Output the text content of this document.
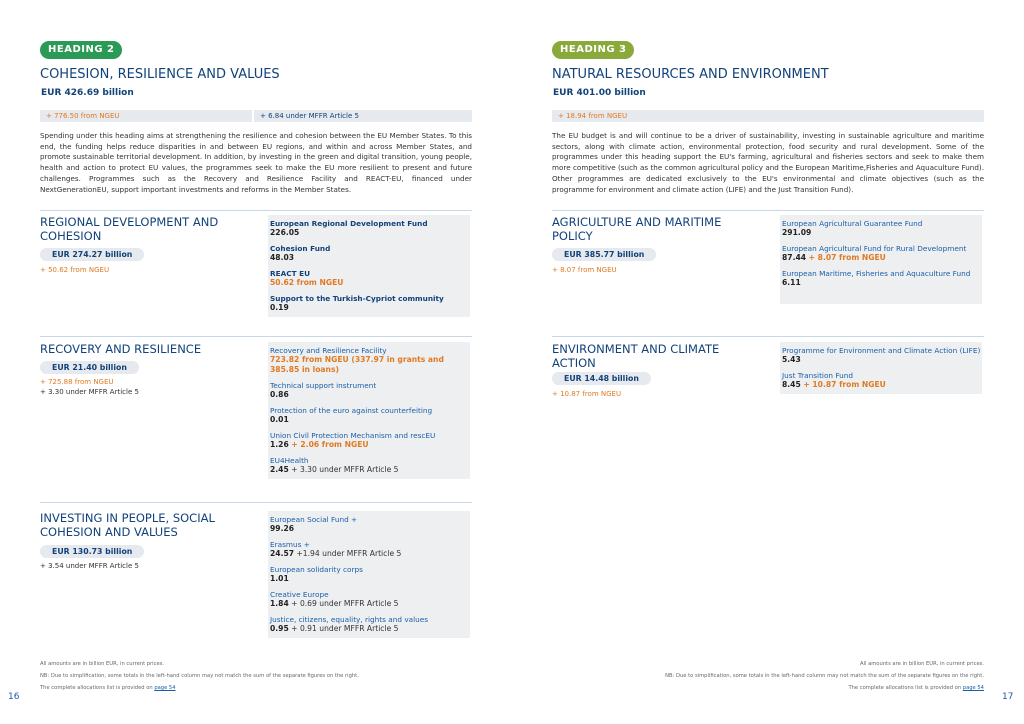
HEADING 2
COHESION, RESILIENCE AND VALUES
EUR 426.69 billion
+ 776.50 from NGEU	+ 6.84 under MFFR Article 5

Spending under this heading aims at strengthening the resilience and cohesion between the EU Member States. To this end, the funding helps reduce disparities in and between EU regions, and within and across Member States, and promote sustainable territorial development. In addition, by investing in the green and digital transition, young people, health and action to protect EU values, the programmes seek to make the EU more resilient to present and future challenges. Programmes such as the Recovery and Resilience Facility and REACT-EU, financed under NextGenerationEU, support important investments and reforms in the Member States.

REGIONAL DEVELOPMENT AND COHESION
EUR 274.27 billion
+ 50.62 from NGEU
European Regional Development Fund
226.05
Cohesion Fund
48.03
REACT EU
50.62 from NGEU
Support to the Turkish-Cypriot community
0.19
RECOVERY AND RESILIENCE
EUR 21.40 billion
+ 725.88 from NGEU
+ 3.30 under MFFR Article 5
Recovery and Resilience Facility
723.82 from NGEU (337.97 in grants and 385.85 in loans)
Technical support instrument
0.86
Protection of the euro against counterfeiting
0.01
Union Civil Protection Mechanism and rescEU
1.26 + 2.06 from NGEU
EU4Health
2.45 + 3.30 under MFFR Article 5
INVESTING IN PEOPLE, SOCIAL COHESION AND VALUES
EUR 130.73 billion
+ 3.54 under MFFR Article 5
European Social Fund +
99.26
Erasmus +
24.57 +1.94 under MFFR Article 5
European solidarity corps
1.01
Creative Europe
1.84 + 0.69 under MFFR Article 5
Justice, citizens, equality, rights and values
0.95 + 0.91 under MFFR Article 5
All amounts are in billion EUR, in current prices.
NB: Due to simplification, some totals in the left-hand column may not match the sum of the separate figures on the right.
The complete allocations list is provided on page 54
16
HEADING 3
NATURAL RESOURCES AND ENVIRONMENT
EUR 401.00 billion
+ 18.94 from NGEU

The EU budget is and will continue to be a driver of sustainability, investing in sustainable agriculture and maritime sectors, along with climate action, environmental protection, food security and rural development. Some of the programmes under this heading support the EU's farming, agricultural and fisheries sectors and seek to make them more competitive (such as the common agricultural policy and the European Maritime,Fisheries and Aquaculture Fund). Other programmes are dedicated exclusively to the EU's environmental and climate objectives (such as the programme for environment and climate action (LIFE) and the Just Transition Fund).

AGRICULTURE AND MARITIME POLICY
EUR 385.77 billion
+ 8.07 from NGEU
European Agricultural Guarantee Fund
291.09
European Agricultural Fund for Rural Development
87.44 + 8.07 from NGEU
European Maritime, Fisheries and Aquaculture Fund
6.11
ENVIRONMENT AND CLIMATE ACTION
EUR 14.48 billion
+ 10.87 from NGEU
Programme for Environment and Climate Action (LIFE)
5.43
Just Transition Fund
8.45 + 10.87 from NGEU
All amounts are in billion EUR, in current prices.
NB: Due to simplification, some totals in the left-hand column may not match the sum of the separate figures on the right.
The complete allocations list is provided on page 54
17
